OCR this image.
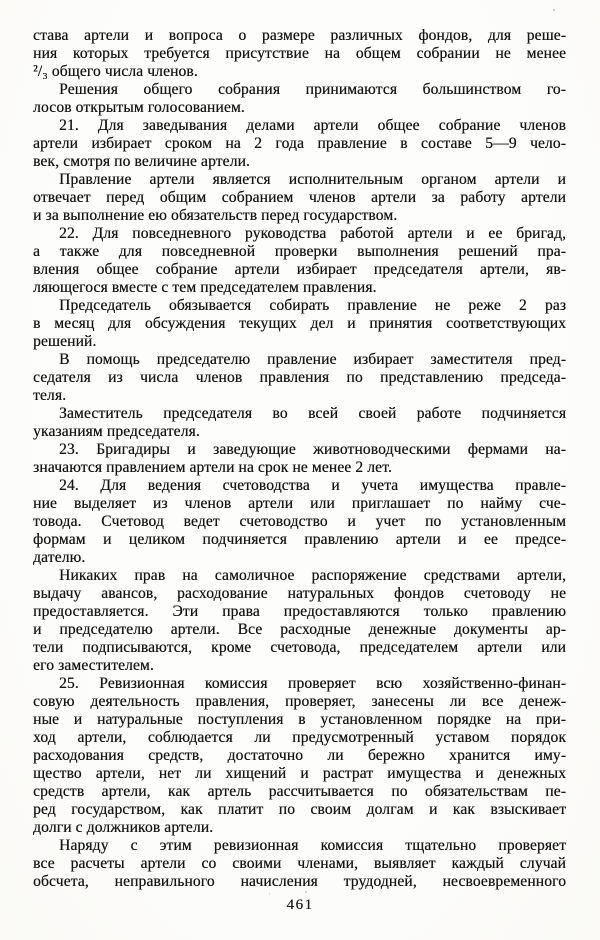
става артели и вопроса о размере различных фондов, для реше-
ния которых требуется присутствие на общем собрании не менее
²/₃ общего числа членов.
Решения общего собрания принимаются большинством го-
лосов открытым голосованием.
21. Для заведывания делами артели общее собрание членов
артели избирает сроком на 2 года правление в составе 5—9 чело-
век, смотря по величине артели.
Правление артели является исполнительным органом артели и
отвечает перед общим собранием членов артели за работу артели
и за выполнение ею обязательств перед государством.
22. Для повседневного руководства работой артели и ее бригад,
а также для повседневной проверки выполнения решений пра-
вления общее собрание артели избирает председателя артели, яв-
ляющегося вместе с тем председателем правления.
Председатель обязывается собирать правление не реже 2 раз
в месяц для обсуждения текущих дел и принятия соответствующих
решений.
В помощь председателю правление избирает заместителя пред-
седателя из числа членов правления по представлению председа-
теля.
Заместитель председателя во всей своей работе подчиняется
указаниям председателя.
23. Бригадиры и заведующие животноводческими фермами на-
значаются правлением артели на срок не менее 2 лет.
24. Для ведения счетоводства и учета имущества правле-
ние выделяет из членов артели или приглашает по найму сче-
товода. Счетовод ведет счетоводство и учет по установленным
формам и целиком подчиняется правлению артели и ее предсе-
дателю.
Никаких прав на самоличное распоряжение средствами артели,
выдачу авансов, расходование натуральных фондов счетоводу не
предоставляется. Эти права предоставляются только правлению
и председателю артели. Все расходные денежные документы ар-
тели подписываются, кроме счетовода, председателем артели или
его заместителем.
25. Ревизионная комиссия проверяет всю хозяйственно-финан-
совую деятельность правления, проверяет, занесены ли все денеж-
ные и натуральные поступления в установленном порядке на при-
ход артели, соблюдается ли предусмотренный уставом порядок
расходования средств, достаточно ли бережно хранится иму-
щество артели, нет ли хищений и растрат имущества и денежных
средств артели, как артель рассчитывается по обязательствам пе-
ред государством, как платит по своим долгам и как взыскивает
долги с должников артели.
Наряду с этим ревизионная комиссия тщательно проверяет
все расчеты артели со своими членами, выявляет каждый случай
обсчета, неправильного начисления трудодней, несвоевременного
461
